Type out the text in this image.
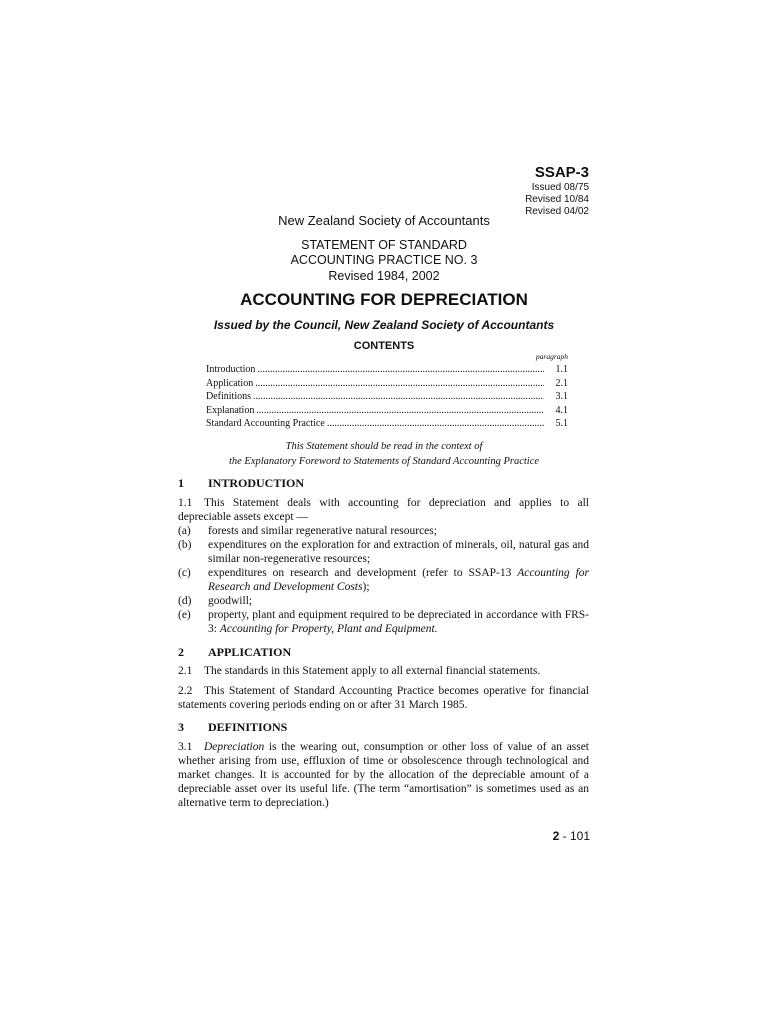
SSAP-3
Issued 08/75
Revised 10/84
Revised 04/02
New Zealand Society of Accountants
STATEMENT OF STANDARD
ACCOUNTING PRACTICE NO. 3
Revised 1984, 2002
ACCOUNTING FOR DEPRECIATION
Issued by the Council, New Zealand Society of Accountants
CONTENTS
paragraph
Introduction .....	1.1
Application .....	2.1
Definitions .....	3.1
Explanation .....	4.1
Standard Accounting Practice .....	5.1
This Statement should be read in the context of
the Explanatory Foreword to Statements of Standard Accounting Practice
1 INTRODUCTION
1.1 This Statement deals with accounting for depreciation and applies to all depreciable assets except —
(a)	forests and similar regenerative natural resources;
(b)	expenditures on the exploration for and extraction of minerals, oil, natural gas and similar non-regenerative resources;
(c)	expenditures on research and development (refer to SSAP-13 Accounting for Research and Development Costs);
(d)	goodwill;
(e)	property, plant and equipment required to be depreciated in accordance with FRS-3: Accounting for Property, Plant and Equipment.
2 APPLICATION
2.1 The standards in this Statement apply to all external financial statements.
2.2 This Statement of Standard Accounting Practice becomes operative for financial statements covering periods ending on or after 31 March 1985.
3 DEFINITIONS
3.1 Depreciation is the wearing out, consumption or other loss of value of an asset whether arising from use, effluxion of time or obsolescence through technological and market changes. It is accounted for by the allocation of the depreciable amount of a depreciable asset over its useful life. (The term “amortisation” is sometimes used as an alternative term to depreciation.)
2 - 101
